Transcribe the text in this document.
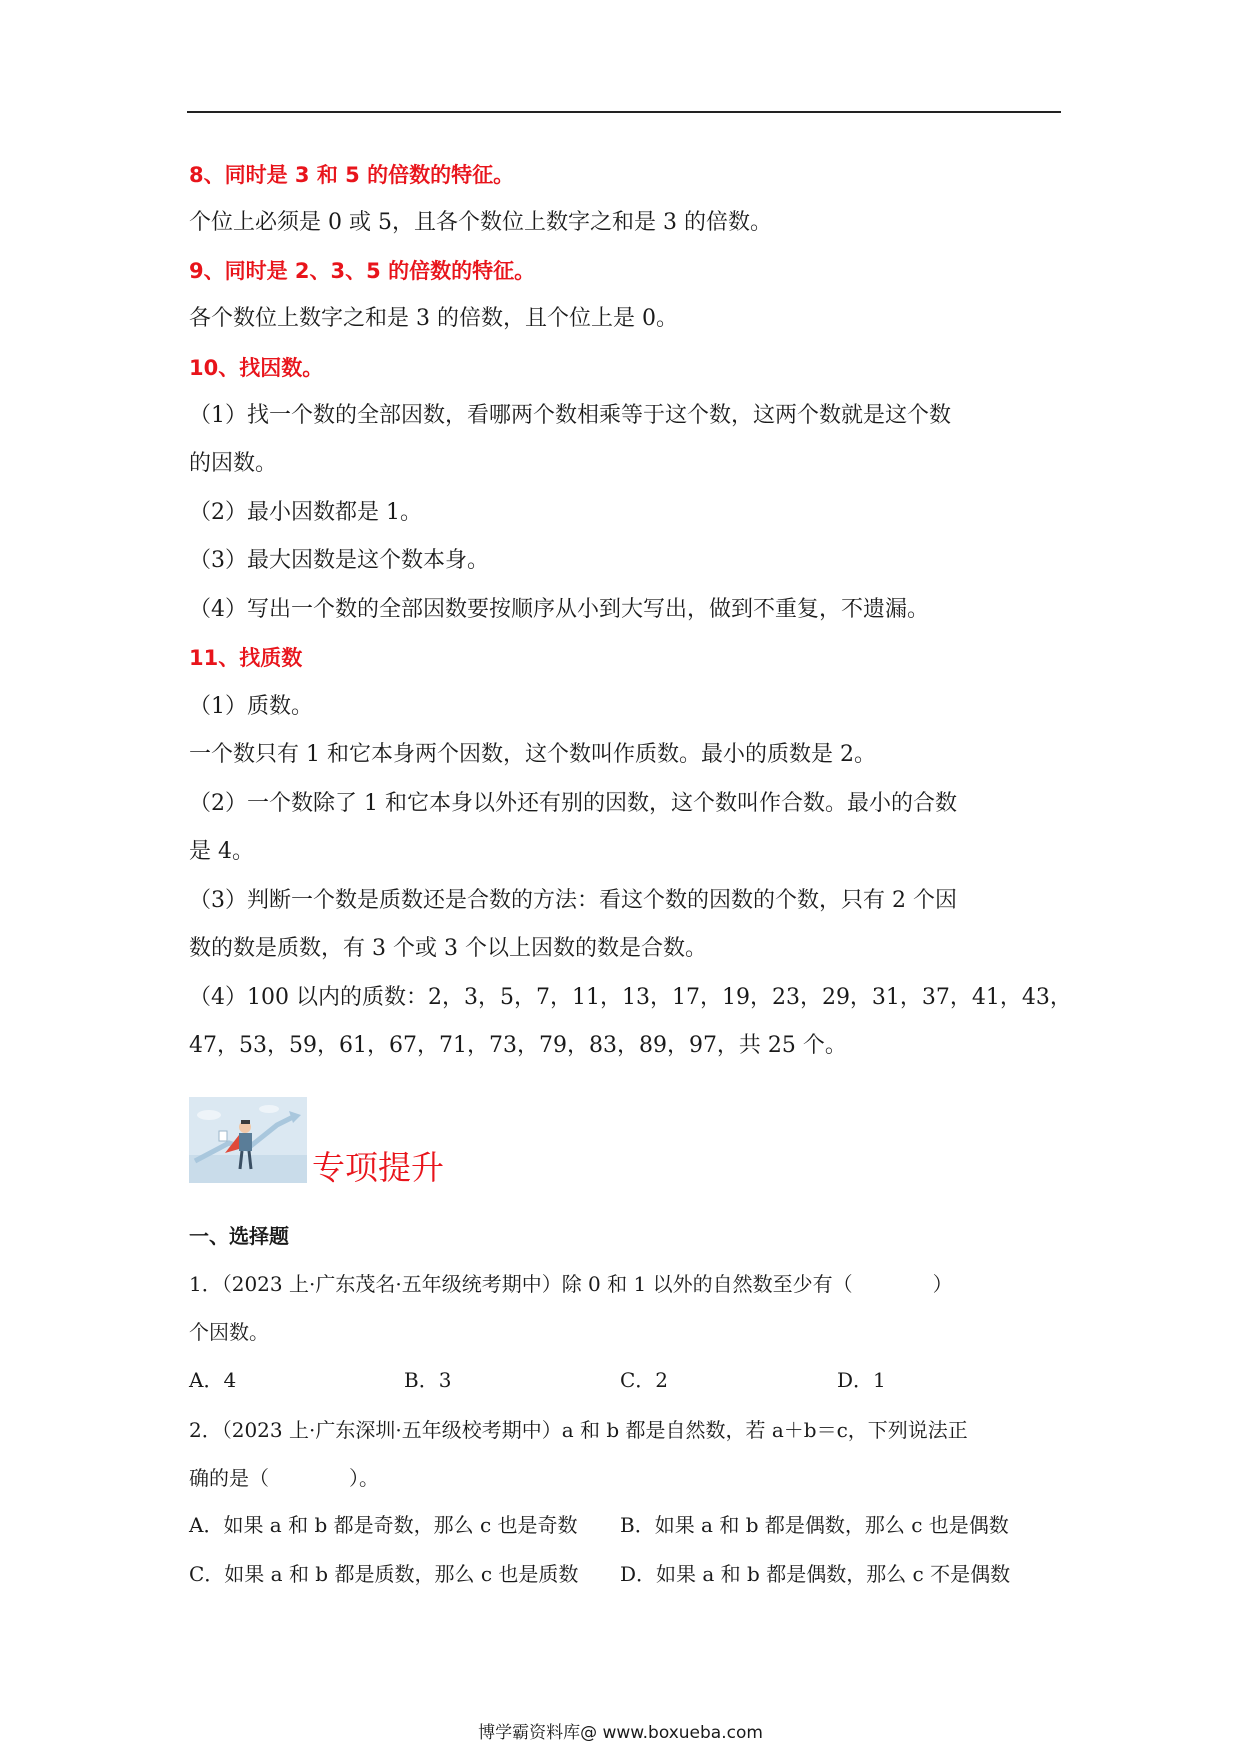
8、同时是 3 和 5 的倍数的特征。
个位上必须是 0 或 5，且各个数位上数字之和是 3 的倍数。
9、同时是 2、3、5 的倍数的特征。
各个数位上数字之和是 3 的倍数，且个位上是 0。
10、找因数。
（1）找一个数的全部因数，看哪两个数相乘等于这个数，这两个数就是这个数
的因数。
（2）最小因数都是 1。
（3）最大因数是这个数本身。
（4）写出一个数的全部因数要按顺序从小到大写出，做到不重复，不遗漏。
11、找质数
（1）质数。
一个数只有 1 和它本身两个因数，这个数叫作质数。最小的质数是 2。
（2）一个数除了 1 和它本身以外还有别的因数，这个数叫作合数。最小的合数
是 4。
（3）判断一个数是质数还是合数的方法：看这个数的因数的个数，只有 2 个因
数的数是质数，有 3 个或 3 个以上因数的数是合数。
（4）100 以内的质数：2，3，5，7，11，13，17，19，23，29，31，37，41，43，
47，53，59，61，67，71，73，79，83，89，97，共 25 个。
专项提升
一、选择题
1．（2023 上·广东茂名·五年级统考期中）除 0 和 1 以外的自然数至少有（　　　　）
个因数。
A．4	B．3	C．2	D．1
2．（2023 上·广东深圳·五年级校考期中）a 和 b 都是自然数，若 a＋b＝c，下列说法正
确的是（　　　　）。
A．如果 a 和 b 都是奇数，那么 c 也是奇数 B．如果 a 和 b 都是偶数，那么 c 也是偶数
C．如果 a 和 b 都是质数，那么 c 也是质数 D．如果 a 和 b 都是偶数，那么 c 不是偶数
博学霸资料库@ www.boxueba.com
